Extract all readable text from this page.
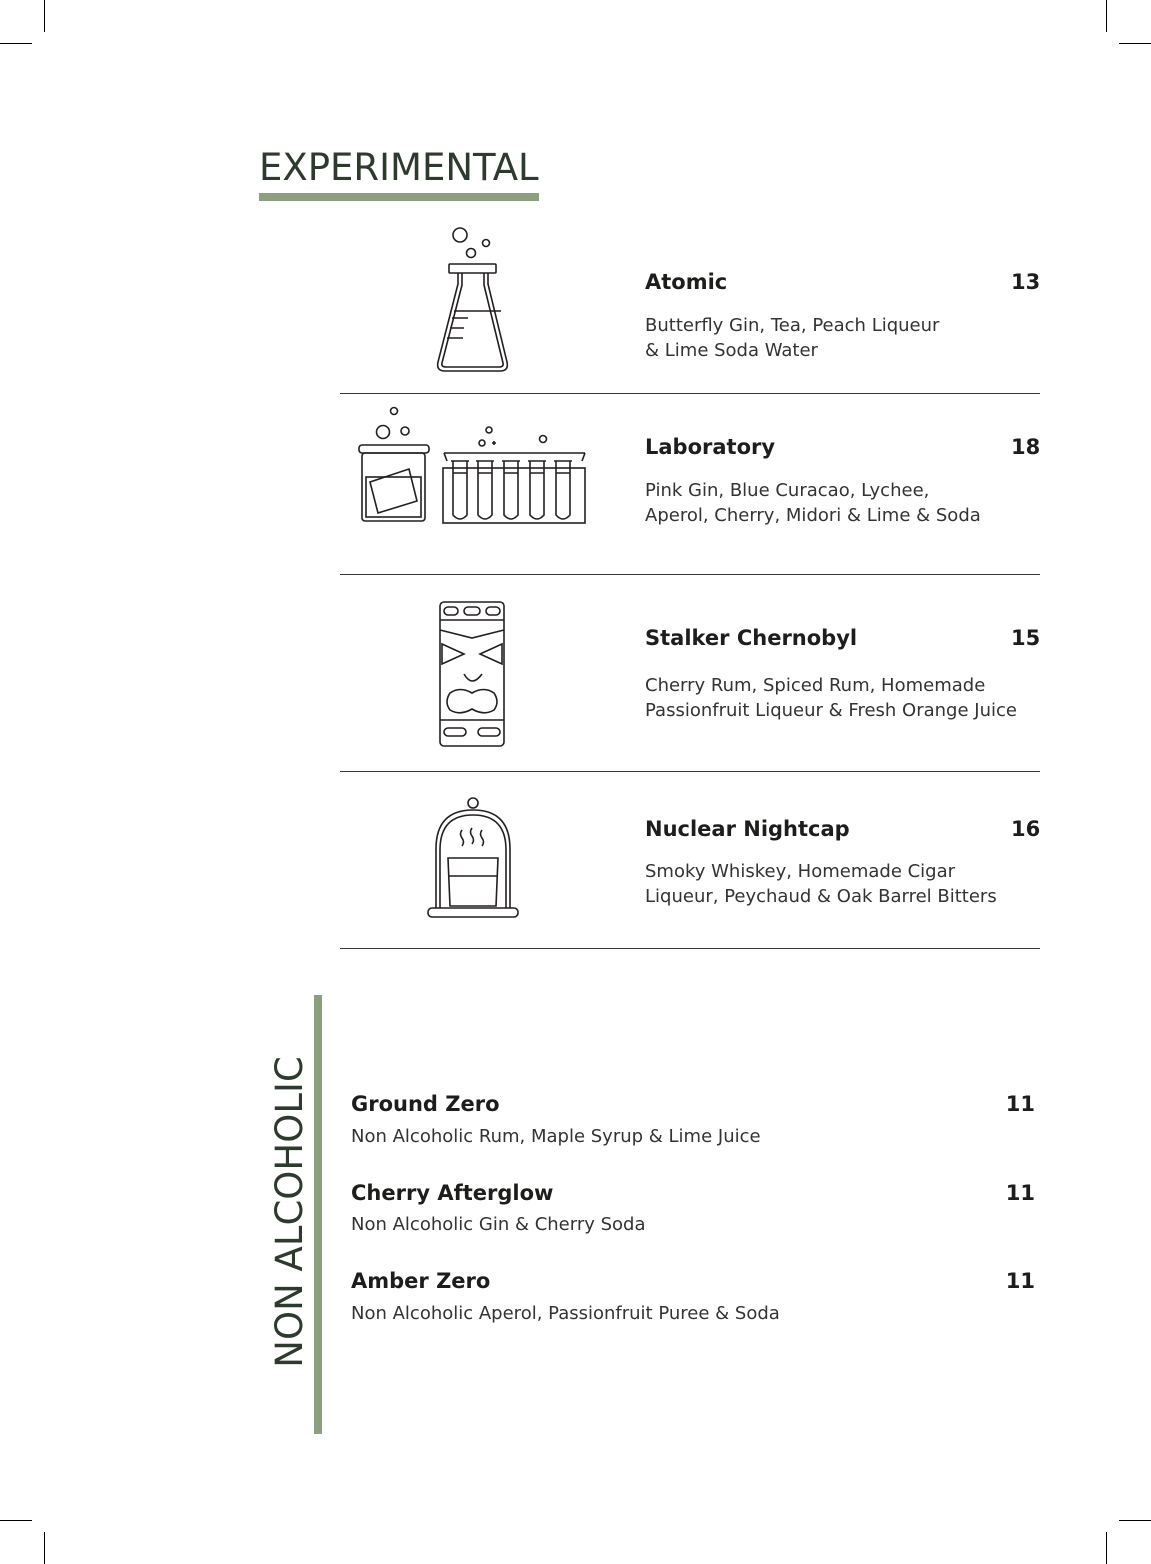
EXPERIMENTAL
Atomic	13
Butterfly Gin, Tea, Peach Liqueur
& Lime Soda Water
Laboratory	18
Pink Gin, Blue Curacao, Lychee,
Aperol, Cherry, Midori & Lime & Soda
Stalker Chernobyl	15
Cherry Rum, Spiced Rum, Homemade
Passionfruit Liqueur & Fresh Orange Juice
Nuclear Nightcap	16
Smoky Whiskey, Homemade Cigar
Liqueur, Peychaud & Oak Barrel Bitters
NON ALCOHOLIC Ground Zero	11
Non Alcoholic Rum, Maple Syrup & Lime Juice
Cherry Afterglow	11
Non Alcoholic Gin & Cherry Soda
Amber Zero	11
Non Alcoholic Aperol, Passionfruit Puree & Soda
